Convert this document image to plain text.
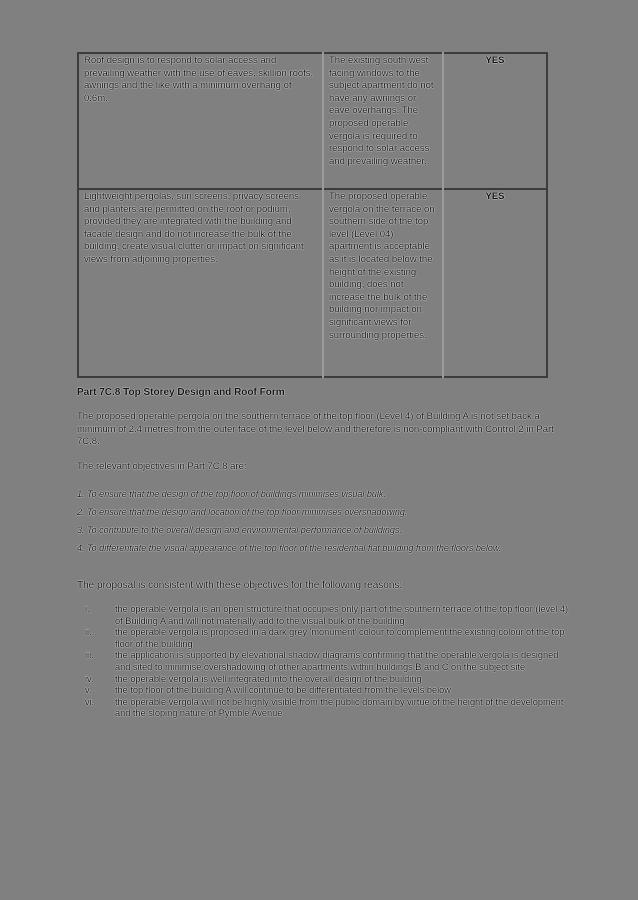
Roof design is to respond to solar access and prevailing weather with the use of eaves, skillion roofs, awnings and the like with a minimum overhang of 0.6m.	The existing south west facing windows to the subject apartment do not have any awnings or eave overhangs. The proposed operable vergola is required to respond to solar access and prevailing weather.	YES
Lightweight pergolas, sun screens, privacy screens and planters are permitted on the roof or podium, provided they are integrated with the building and facade design and do not increase the bulk of the building, create visual clutter or impact on significant views from adjoining properties.	The proposed operable vergola on the terrace on southern side of the top level (Level 04) apartment is acceptable as it is located below the height of the existing building, does not increase the bulk of the building nor impact on significant views for surrounding properties.	YES
Part 7C.8 Top Storey Design and Roof Form
The proposed operable pergola on the southern terrace of the top floor (Level 4) of Building A is not set back a minimum of 2.4 metres from the outer face of the level below and therefore is non-compliant with Control 2 in Part 7C.8.
The relevant objectives in Part 7C.8 are:
1. To ensure that the design of the top floor of buildings minimises visual bulk.
2. To ensure that the design and location of the top floor minimises overshadowing.
3. To contribute to the overall design and environmental performance of buildings.
4. To differentiate the visual appearance of the top floor of the residential flat building from the floors below.
The proposal is consistent with these objectives for the following reasons:
i.	the operable vergola is an open structure that occupies only part of the southern terrace of the top floor (level 4) of Building A and will not materially add to the visual bulk of the building
ii.	the operable vergola is proposed in a dark grey 'monument' colour to complement the existing colour of the top floor of the building
iii.	the application is supported by elevational shadow diagrams confirming that the operable vergola is designed and sited to minimise overshadowing of other apartments within buildings B and C on the subject site
iv.	the operable vergola is well integrated into the overall design of the building
v.	the top floor of the building A will continue to be differentiated from the levels below
vi.	the operable vergola will not be highly visible from the public domain by virtue of the height of the development and the sloping nature of Pymble Avenue
